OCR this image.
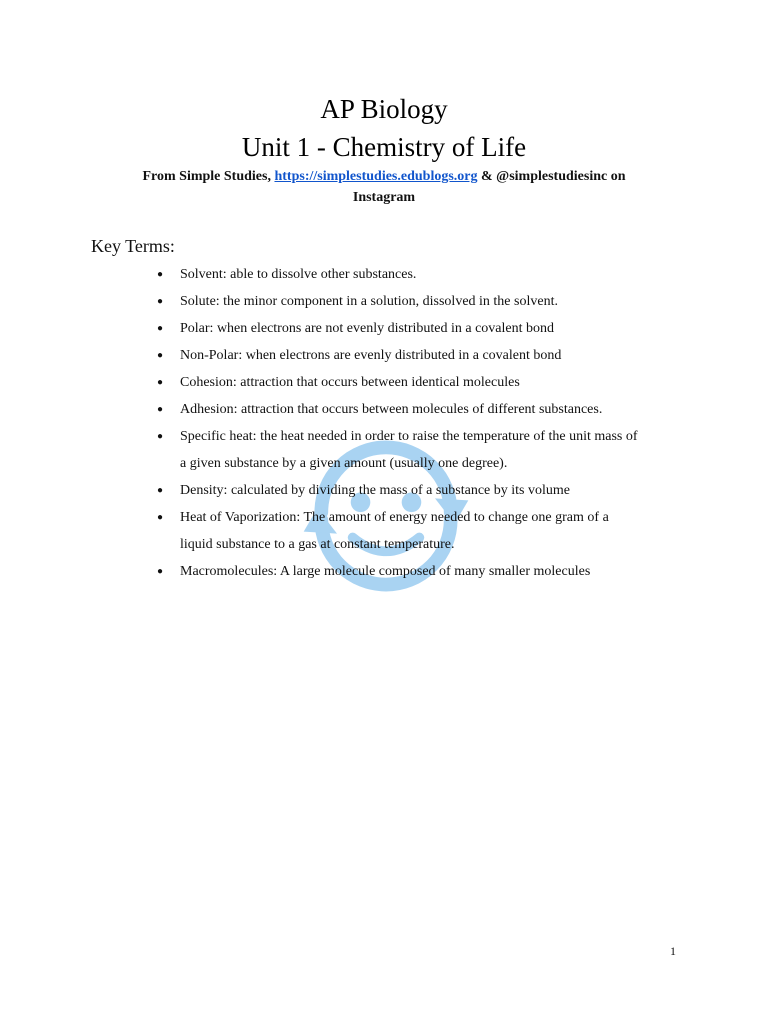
AP Biology
Unit 1 - Chemistry of Life
From Simple Studies, https://simplestudies.edublogs.org & @simplestudiesinc on
Instagram
Key Terms:
● Solvent: able to dissolve other substances.
● Solute: the minor component in a solution, dissolved in the solvent.
● Polar: when electrons are not evenly distributed in a covalent bond
● Non-Polar: when electrons are evenly distributed in a covalent bond
● Cohesion: attraction that occurs between identical molecules
● Adhesion: attraction that occurs between molecules of different substances.
● Specific heat: the heat needed in order to raise the temperature of the unit mass of
a given substance by a given amount (usually one degree).
● Density: calculated by dividing the mass of a substance by its volume
● Heat of Vaporization: The amount of energy needed to change one gram of a
liquid substance to a gas at constant temperature.
● Macromolecules: A large molecule composed of many smaller molecules
1
